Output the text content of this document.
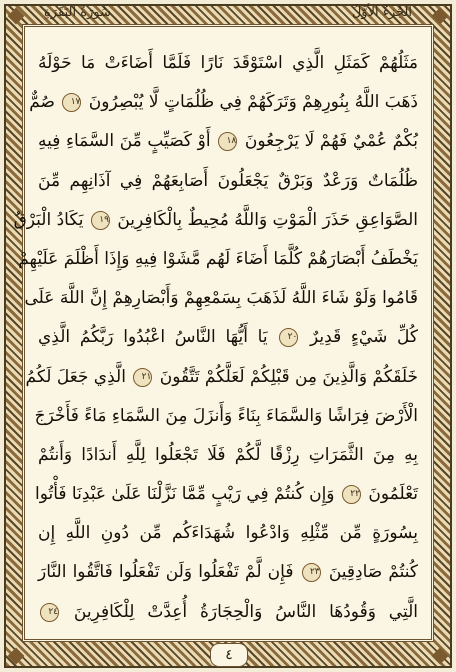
الجُزءُ الأوَّلُ
سُورَةُ البَقَرَةِ
مَثَلُهُمْ كَمَثَلِ الَّذِي اسْتَوْقَدَ نَارًا فَلَمَّا أَضَاءَتْ مَا حَوْلَهُ
ذَهَبَ اللَّهُ بِنُورِهِمْ وَتَرَكَهُمْ فِي ظُلُمَاتٍ لَّا يُبْصِرُونَ ١٧ صُمٌّ
بُكْمٌ عُمْيٌ فَهُمْ لَا يَرْجِعُونَ ١٨ أَوْ كَصَيِّبٍ مِّنَ السَّمَاءِ فِيهِ
ظُلُمَاتٌ وَرَعْدٌ وَبَرْقٌ يَجْعَلُونَ أَصَابِعَهُمْ فِي آذَانِهِم مِّنَ
الصَّوَاعِقِ حَذَرَ الْمَوْتِ وَاللَّهُ مُحِيطٌ بِالْكَافِرِينَ ١٩ يَكَادُ الْبَرْقُ
يَخْطَفُ أَبْصَارَهُمْ كُلَّمَا أَضَاءَ لَهُم مَّشَوْا فِيهِ وَإِذَا أَظْلَمَ عَلَيْهِمْ
قَامُوا وَلَوْ شَاءَ اللَّهُ لَذَهَبَ بِسَمْعِهِمْ وَأَبْصَارِهِمْ إِنَّ اللَّهَ عَلَى
كُلِّ شَيْءٍ قَدِيرٌ ٢٠ يَا أَيُّهَا النَّاسُ اعْبُدُوا رَبَّكُمُ الَّذِي
خَلَقَكُمْ وَالَّذِينَ مِن قَبْلِكُمْ لَعَلَّكُمْ تَتَّقُونَ ٢١ الَّذِي جَعَلَ لَكُمُ
الْأَرْضَ فِرَاشًا وَالسَّمَاءَ بِنَاءً وَأَنزَلَ مِنَ السَّمَاءِ مَاءً فَأَخْرَجَ
بِهِ مِنَ الثَّمَرَاتِ رِزْقًا لَّكُمْ فَلَا تَجْعَلُوا لِلَّهِ أَندَادًا وَأَنتُمْ
تَعْلَمُونَ ٢٢ وَإِن كُنتُمْ فِي رَيْبٍ مِّمَّا نَزَّلْنَا عَلَىٰ عَبْدِنَا فَأْتُوا
بِسُورَةٍ مِّن مِّثْلِهِ وَادْعُوا شُهَدَاءَكُم مِّن دُونِ اللَّهِ إِن
كُنتُمْ صَادِقِينَ ٢٣ فَإِن لَّمْ تَفْعَلُوا وَلَن تَفْعَلُوا فَاتَّقُوا النَّارَ
الَّتِي وَقُودُهَا النَّاسُ وَالْحِجَارَةُ أُعِدَّتْ لِلْكَافِرِينَ ٢٤
٤
